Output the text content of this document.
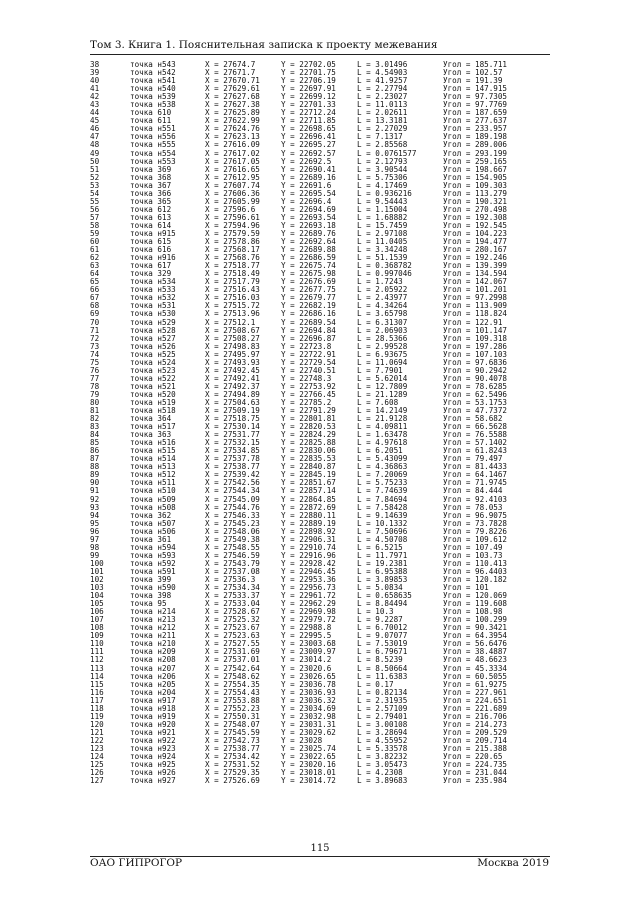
Том 3. Книга 1. Пояснительная записка к проекту межевания
38	точка н543	X = 27674.7	Y = 22702.05	L = 3.01496	Угол = 185.711
39	точка н542	X = 27671.7	Y = 22701.75	L = 4.54903	Угол = 102.57
40	точка н541	X = 27670.71	Y = 22706.19	L = 41.9257	Угол = 191.39
41	точка н540	X = 27629.61	Y = 22697.91	L = 2.27794	Угол = 147.915
42	точка н539	X = 27627.68	Y = 22699.12	L = 2.23027	Угол = 97.7305
43	точка н538	X = 27627.38	Y = 22701.33	L = 11.0113	Угол = 97.7769
44	точка 610	X = 27625.89	Y = 22712.24	L = 2.02611	Угол = 187.659
45	точка 611	X = 27622.99	Y = 22711.85	L = 13.3181	Угол = 277.637
46	точка н551	X = 27624.76	Y = 22698.65	L = 2.27029	Угол = 233.957
47	точка н556	X = 27623.13	Y = 22696.41	L = 7.1317	Угол = 189.198
48	точка н555	X = 27616.09	Y = 22695.27	L = 2.85568	Угол = 289.006
49	точка н554	X = 27617.02	Y = 22692.57	L = 0.0761577	Угол = 293.199
50	точка н553	X = 27617.05	Y = 22692.5	L = 2.12793	Угол = 259.165
51	точка 369	X = 27616.65	Y = 22690.41	L = 3.90544	Угол = 198.667
52	точка 368	X = 27612.95	Y = 22689.16	L = 5.75306	Угол = 154.905
53	точка 367	X = 27607.74	Y = 22691.6	L = 4.17469	Угол = 109.303
54	точка 366	X = 27606.36	Y = 22695.54	L = 0.936216	Угол = 113.279
55	точка 365	X = 27605.99	Y = 22696.4	L = 9.54443	Угол = 190.321
56	точка 612	X = 27596.6	Y = 22694.69	L = 1.15004	Угол = 270.498
57	точка 613	X = 27596.61	Y = 22693.54	L = 1.68882	Угол = 192.308
58	точка 614	X = 27594.96	Y = 22693.18	L = 15.7459	Угол = 192.545
59	точка н915	X = 27579.59	Y = 22689.76	L = 2.97108	Угол = 104.223
60	точка 615	X = 27578.86	Y = 22692.64	L = 11.0405	Угол = 194.477
61	точка 616	X = 27568.17	Y = 22689.88	L = 3.34248	Угол = 280.167
62	точка н916	X = 27568.76	Y = 22686.59	L = 51.1539	Угол = 192.246
63	точка 617	X = 27518.77	Y = 22675.74	L = 0.368782	Угол = 139.399
64	точка 329	X = 27518.49	Y = 22675.98	L = 0.997046	Угол = 134.594
65	точка н534	X = 27517.79	Y = 22676.69	L = 1.7243	Угол = 142.067
66	точка н533	X = 27516.43	Y = 22677.75	L = 2.05922	Угол = 101.201
67	точка н532	X = 27516.03	Y = 22679.77	L = 2.43977	Угол = 97.2998
68	точка н531	X = 27515.72	Y = 22682.19	L = 4.34264	Угол = 113.909
69	точка н530	X = 27513.96	Y = 22686.16	L = 3.65798	Угол = 118.824
70	точка н529	X = 27512.1	Y = 22689.54	L = 6.31307	Угол = 122.91
71	точка н528	X = 27508.67	Y = 22694.84	L = 2.06903	Угол = 101.147
72	точка н527	X = 27508.27	Y = 22696.87	L = 28.5366	Угол = 109.318
73	точка н526	X = 27498.83	Y = 22723.8	L = 2.99528	Угол = 197.286
74	точка н525	X = 27495.97	Y = 22722.91	L = 6.93675	Угол = 107.103
75	точка н524	X = 27493.93	Y = 22729.54	L = 11.0694	Угол = 97.6836
76	точка н523	X = 27492.45	Y = 22740.51	L = 7.7901	Угол = 90.2942
77	точка н522	X = 27492.41	Y = 22748.3	L = 5.62014	Угол = 90.4078
78	точка н521	X = 27492.37	Y = 22753.92	L = 12.7809	Угол = 78.6285
79	точка н520	X = 27494.89	Y = 22766.45	L = 21.1289	Угол = 62.5496
80	точка н519	X = 27504.63	Y = 22785.2	L = 7.608	Угол = 53.1753
81	точка н518	X = 27509.19	Y = 22791.29	L = 14.2149	Угол = 47.7372
82	точка 364	X = 27518.75	Y = 22801.81	L = 21.9128	Угол = 58.682
83	точка н517	X = 27530.14	Y = 22820.53	L = 4.09811	Угол = 66.5628
84	точка 363	X = 27531.77	Y = 22824.29	L = 1.63478	Угол = 76.5588
85	точка н516	X = 27532.15	Y = 22825.88	L = 4.97618	Угол = 57.1402
86	точка н515	X = 27534.85	Y = 22830.06	L = 6.2051	Угол = 61.8243
87	точка н514	X = 27537.78	Y = 22835.53	L = 5.43099	Угол = 79.497
88	точка н513	X = 27538.77	Y = 22840.87	L = 4.36863	Угол = 81.4433
89	точка н512	X = 27539.42	Y = 22845.19	L = 7.20069	Угол = 64.1467
90	точка н511	X = 27542.56	Y = 22851.67	L = 5.75233	Угол = 71.9745
91	точка н510	X = 27544.34	Y = 22857.14	L = 7.74639	Угол = 84.444
92	точка н509	X = 27545.09	Y = 22864.85	L = 7.84694	Угол = 92.4103
93	точка н508	X = 27544.76	Y = 22872.69	L = 7.58428	Угол = 78.053
94	точка 362	X = 27546.33	Y = 22880.11	L = 9.14639	Угол = 96.9075
95	точка н507	X = 27545.23	Y = 22889.19	L = 10.1332	Угол = 73.7828
96	точка н506	X = 27548.06	Y = 22898.92	L = 7.50696	Угол = 79.8226
97	точка 361	X = 27549.38	Y = 22906.31	L = 4.50708	Угол = 109.612
98	точка н594	X = 27548.55	Y = 22910.74	L = 6.5215	Угол = 107.49
99	точка н593	X = 27546.59	Y = 22916.96	L = 11.7971	Угол = 103.73
100	точка н592	X = 27543.79	Y = 22928.42	L = 19.2381	Угол = 110.413
101	точка н591	X = 27537.08	Y = 22946.45	L = 6.95388	Угол = 96.4403
102	точка 399	X = 27536.3	Y = 22953.36	L = 3.89853	Угол = 120.182
103	точка н590	X = 27534.34	Y = 22956.73	L = 5.0834	Угол = 101
104	точка 398	X = 27533.37	Y = 22961.72	L = 0.658635	Угол = 120.069
105	точка 95	X = 27533.04	Y = 22962.29	L = 8.84494	Угол = 119.608
106	точка н214	X = 27528.67	Y = 22969.98	L = 10.3	Угол = 108.98
107	точка н213	X = 27525.32	Y = 22979.72	L = 9.2287	Угол = 100.299
108	точка н212	X = 27523.67	Y = 22988.8	L = 6.70012	Угол = 90.3421
109	точка н211	X = 27523.63	Y = 22995.5	L = 9.07077	Угол = 64.3954
110	точка н210	X = 27527.55	Y = 23003.68	L = 7.53019	Угол = 56.6476
111	точка н209	X = 27531.69	Y = 23009.97	L = 6.79671	Угол = 38.4887
112	точка н208	X = 27537.01	Y = 23014.2	L = 8.5239	Угол = 48.6623
113	точка н207	X = 27542.64	Y = 23020.6	L = 8.50664	Угол = 45.3334
114	точка н206	X = 27548.62	Y = 23026.65	L = 11.6383	Угол = 60.5055
115	точка н205	X = 27554.35	Y = 23036.78	L = 0.17	Угол = 61.9275
116	точка н204	X = 27554.43	Y = 23036.93	L = 0.82134	Угол = 227.961
117	точка н917	X = 27553.88	Y = 23036.32	L = 2.31935	Угол = 224.651
118	точка н918	X = 27552.23	Y = 23034.69	L = 2.57109	Угол = 221.689
119	точка н919	X = 27550.31	Y = 23032.98	L = 2.79401	Угол = 216.706
120	точка н920	X = 27548.07	Y = 23031.31	L = 3.00108	Угол = 214.273
121	точка н921	X = 27545.59	Y = 23029.62	L = 3.28694	Угол = 209.529
122	точка н922	X = 27542.73	Y = 23028	L = 4.55952	Угол = 209.714
123	точка н923	X = 27538.77	Y = 23025.74	L = 5.33578	Угол = 215.388
124	точка н924	X = 27534.42	Y = 23022.65	L = 3.82232	Угол = 220.65
125	точка н925	X = 27531.52	Y = 23020.16	L = 3.05473	Угол = 224.735
126	точка н926	X = 27529.35	Y = 23018.01	L = 4.2308	Угол = 231.044
127	точка н927	X = 27526.69	Y = 23014.72	L = 3.89683	Угол = 235.984
115
ОАО ГИПРОГОР	Москва 2019
